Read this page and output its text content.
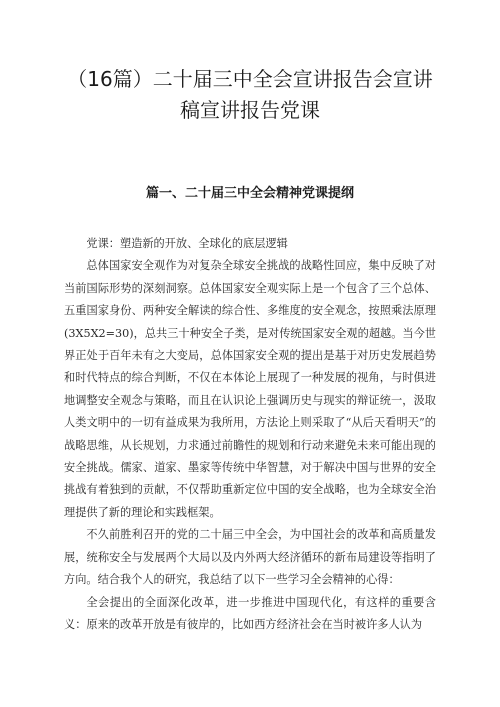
（16篇）二十届三中全会宣讲报告会宣讲稿宣讲报告党课
篇一、二十届三中全会精神党课提纲

党课：塑造新的开放、全球化的底层逻辑

总体国家安全观作为对复杂全球安全挑战的战略性回应，集中反映了对当前国际形势的深刻洞察。总体国家安全观实际上是一个包含了三个总体、五重国家身份、两种安全解读的综合性、多维度的安全观念，按照乘法原理(3X5X2=30)，总共三十种安全子类，是对传统国家安全观的超越。当今世界正处于百年未有之大变局，总体国家安全观的提出是基于对历史发展趋势和时代特点的综合判断，不仅在本体论上展现了一种发展的视角，与时俱进地调整安全观念与策略，而且在认识论上强调历史与现实的辩证统一，汲取人类文明中的一切有益成果为我所用，方法论上则采取了“从后天看明天”的战略思维，从长规划，力求通过前瞻性的规划和行动来避免未来可能出现的安全挑战。儒家、道家、墨家等传统中华智慧，对于解决中国与世界的安全挑战有着独到的贡献，不仅帮助重新定位中国的安全战略，也为全球安全治理提供了新的理论和实践框架。

不久前胜利召开的党的二十届三中全会，为中国社会的改革和高质量发展，统称安全与发展两个大局以及内外两大经济循环的新布局建设等指明了方向。结合我个人的研究，我总结了以下一些学习全会精神的心得：

全会提出的全面深化改革，进一步推进中国现代化，有这样的重要含义：原来的改革开放是有彼岸的，比如西方经济社会在当时被许多人认为
